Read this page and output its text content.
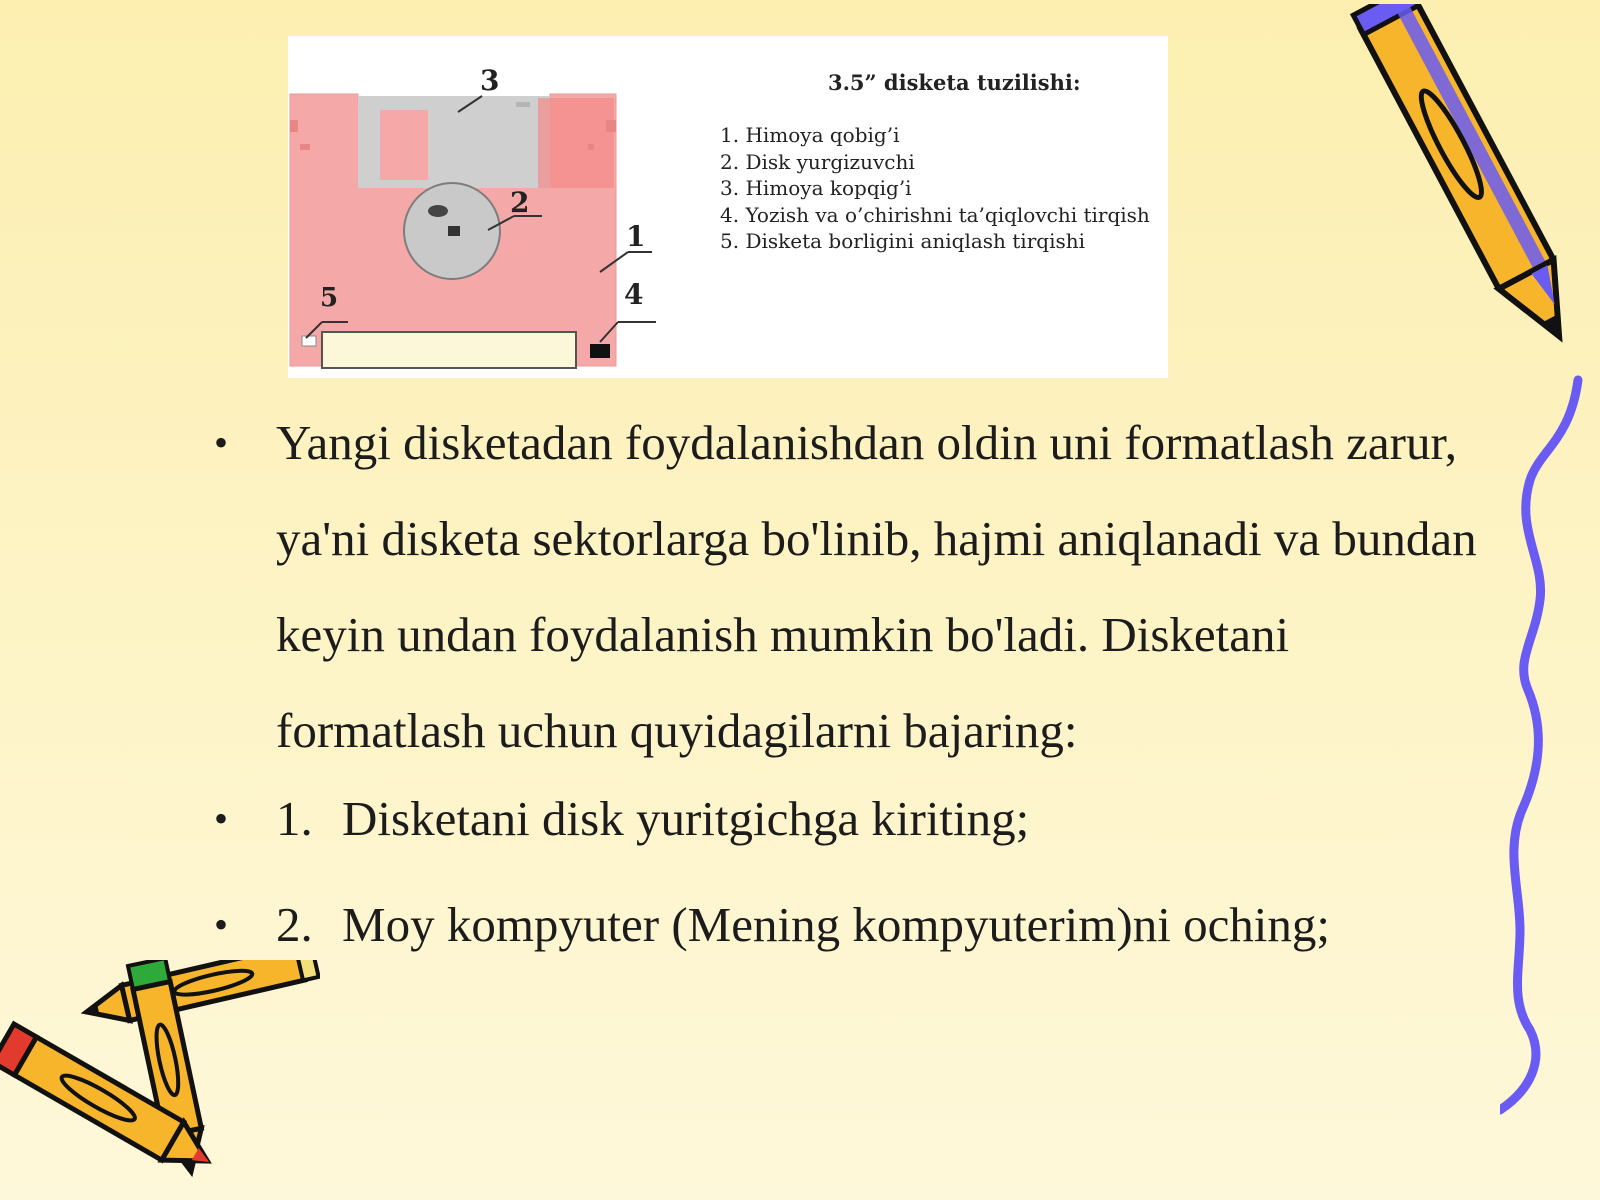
3
2
1
4
5
3.5” disketa tuzilishi:
1. Himoya qobig’i
2. Disk yurgizuvchi
3. Himoya kopqig’i
4. Yozish va o’chirishni ta’qiqlovchi tirqish
5. Disketa borligini aniqlash tirqishi
• Yangi disketadan foydalanishdan oldin uni formatlash zarur, ya'ni disketa sektorlarga bo'linib, hajmi aniqlanadi va bundan keyin undan foydalanish mumkin bo'ladi. Disketani formatlash uchun quyidagilarni bajaring:
• 1. Disketani disk yuritgichga kiriting;
• 2. Moy kompyuter (Mening kompyuterim)ni oching;
